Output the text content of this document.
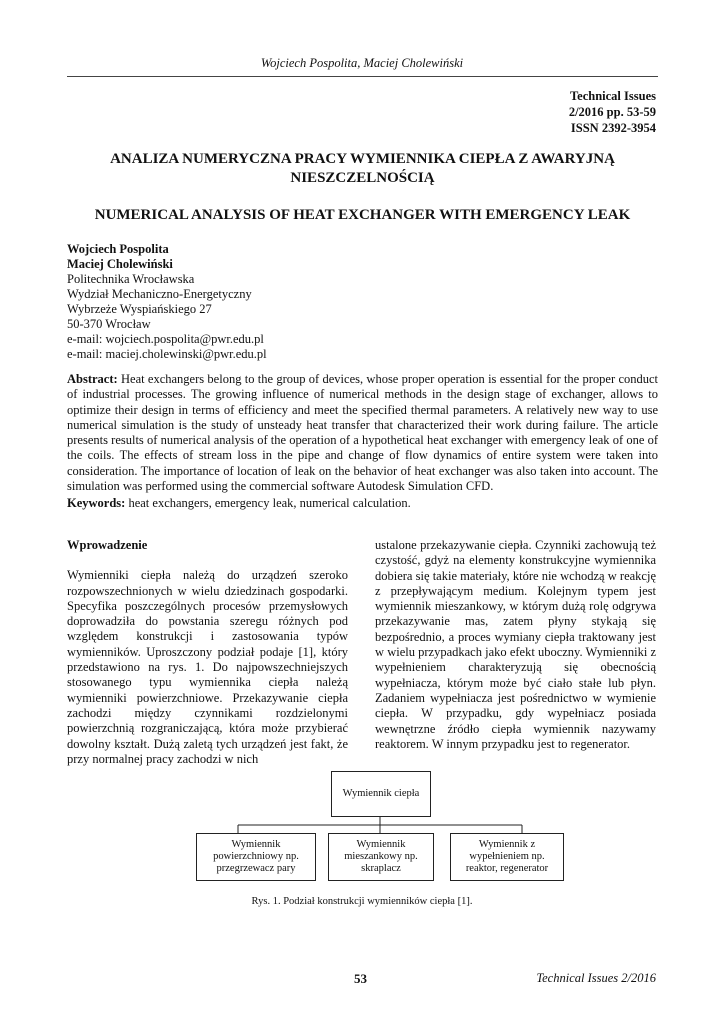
Wojciech Pospolita, Maciej Cholewiński
Technical Issues
2/2016 pp. 53-59
ISSN 2392-3954
ANALIZA NUMERYCZNA PRACY WYMIENNIKA CIEPŁA Z AWARYJNĄ
NIESZCZELNOŚCIĄ
NUMERICAL ANALYSIS OF HEAT EXCHANGER WITH EMERGENCY LEAK
Wojciech Pospolita
Maciej Cholewiński
Politechnika Wrocławska
Wydział Mechaniczno-Energetyczny
Wybrzeże Wyspiańskiego 27
50-370 Wrocław
e-mail: wojciech.pospolita@pwr.edu.pl
e-mail: maciej.cholewinski@pwr.edu.pl
Abstract: Heat exchangers belong to the group of devices, whose proper operation is essential for the proper conduct of industrial processes. The growing influence of numerical methods in the design stage of exchanger, allows to optimize their design in terms of efficiency and meet the specified thermal parameters. A relatively new way to use numerical simulation is the study of unsteady heat transfer that characterized their work during failure. The article presents results of numerical analysis of the operation of a hypothetical heat exchanger with emergency leak of one of the coils. The effects of stream loss in the pipe and change of flow dynamics of entire system were taken into consideration. The importance of location of leak on the behavior of heat exchanger was also taken into account. The simulation was performed using the commercial software Autodesk Simulation CFD.
Keywords: heat exchangers, emergency leak, numerical calculation.
Wprowadzenie

Wymienniki ciepła należą do urządzeń szeroko rozpowszechnionych w wielu dziedzinach gospodarki. Specyfika poszczególnych procesów przemysłowych doprowadziła do powstania szeregu różnych pod względem konstrukcji i zastosowania typów wymienników. Uproszczony podział podaje [1], który przedstawiono na rys. 1. Do najpowszechniejszych stosowanego typu wymiennika ciepła należą wymienniki powierzchniowe. Przekazywanie ciepła zachodzi między czynnikami rozdzielonymi powierzchnią rozgraniczającą, która może przybierać dowolny kształt. Dużą zaletą tych urządzeń jest fakt, że przy normalnej pracy zachodzi w nich

ustalone przekazywanie ciepła. Czynniki zachowują też czystość, gdyż na elementy konstrukcyjne wymiennika dobiera się takie materiały, które nie wchodzą w reakcję z przepływającym medium. Kolejnym typem jest wymiennik mieszankowy, w którym dużą rolę odgrywa przekazywanie mas, zatem płyny stykają się bezpośrednio, a proces wymiany ciepła traktowany jest w wielu przypadkach jako efekt uboczny. Wymienniki z wypełnieniem charakteryzują się obecnością wypełniacza, którym może być ciało stałe lub płyn. Zadaniem wypełniacza jest pośrednictwo w wymienie ciepła. W przypadku, gdy wypełniacz posiada wewnętrzne źródło ciepła wymiennik nazywamy reaktorem. W innym przypadku jest to regenerator.

Wymiennik ciepła
Wymiennik
powierzchniowy np.
przegrzewacz pary
Wymiennik
mieszankowy np.
skraplacz
Wymiennik z
wypełnieniem np.
reaktor, regenerator
Rys. 1. Podział konstrukcji wymienników ciepła [1].
53	Technical Issues 2/2016
